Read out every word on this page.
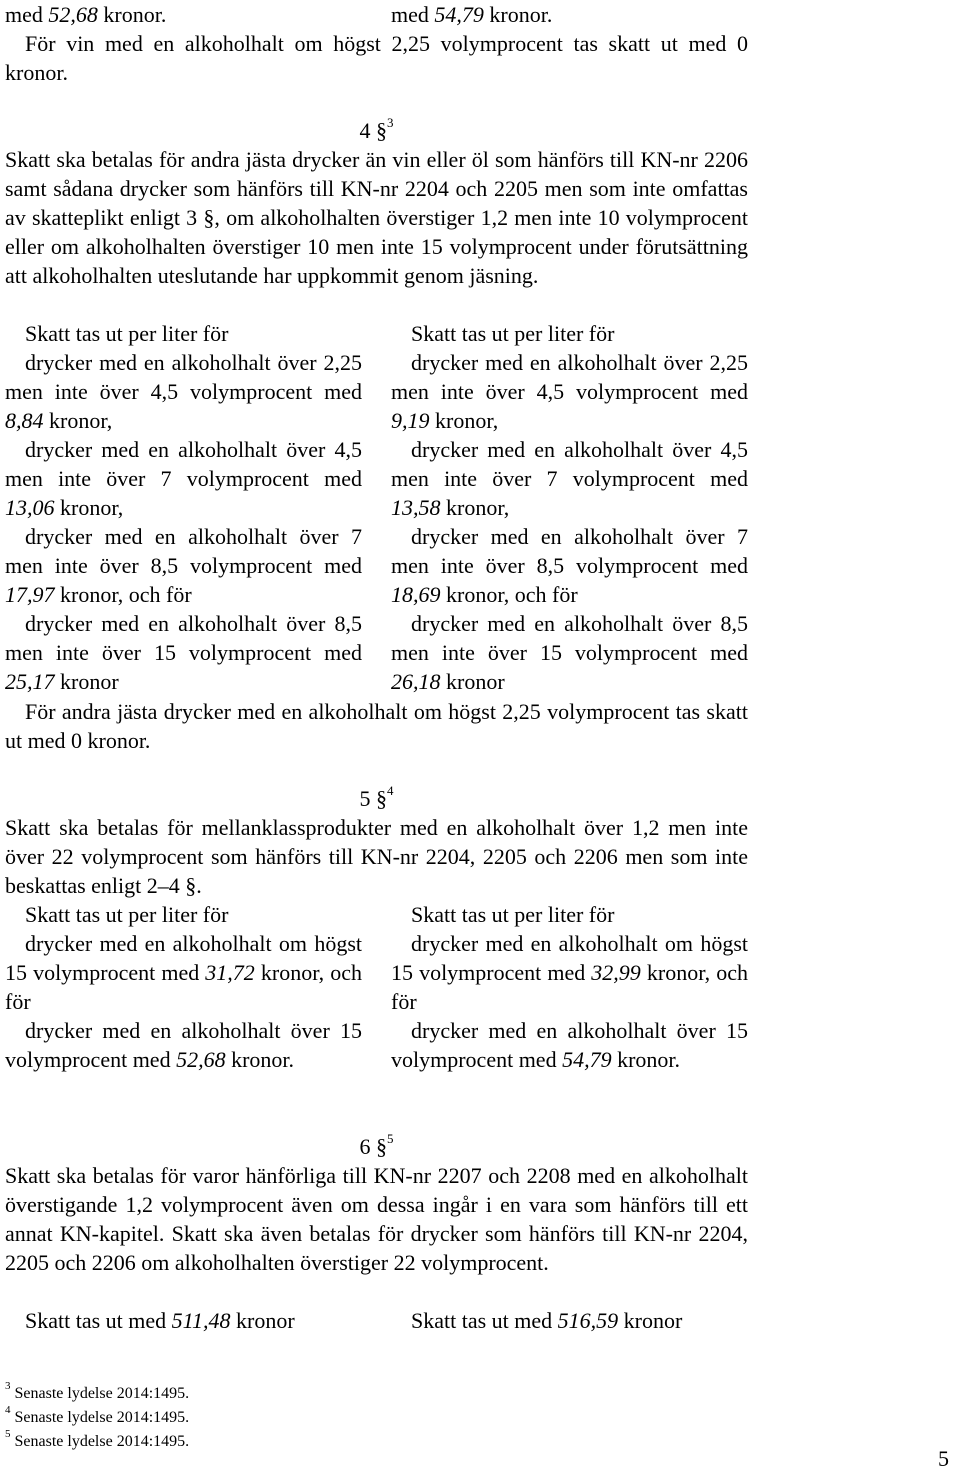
med 52,68 kronor.	med 54,79 kronor.

För vin med en alkoholhalt om högst 2,25 volymprocent tas skatt ut med 0 kronor.

4 §$^3$

Skatt ska betalas för andra jästa drycker än vin eller öl som hänförs till KN-nr 2206 samt sådana drycker som hänförs till KN-nr 2204 och 2205 men som inte omfattas av skatteplikt enligt 3 §, om alkoholhalten överstiger 1,2 men inte 10 volymprocent eller om alkoholhalten överstiger 10 men inte 15 volymprocent under förutsättning att alkoholhalten uteslutande har uppkommit genom jäsning.

Skatt tas ut per liter för

drycker med en alkoholhalt över 2,25 men inte över 4,5 volymprocent med 8,84 kronor,

drycker med en alkoholhalt över 4,5 men inte över 7 volymprocent med 13,06 kronor,

drycker med en alkoholhalt över 7 men inte över 8,5 volymprocent med 17,97 kronor, och för

drycker med en alkoholhalt över 8,5 men inte över 15 volymprocent med 25,17 kronor

Skatt tas ut per liter för

drycker med en alkoholhalt över 2,25 men inte över 4,5 volymprocent med 9,19 kronor,

drycker med en alkoholhalt över 4,5 men inte över 7 volymprocent med 13,58 kronor,

drycker med en alkoholhalt över 7 men inte över 8,5 volymprocent med 18,69 kronor, och för

drycker med en alkoholhalt över 8,5 men inte över 15 volymprocent med 26,18 kronor

För andra jästa drycker med en alkoholhalt om högst 2,25 volymprocent tas skatt ut med 0 kronor.

5 §$^4$

Skatt ska betalas för mellanklassprodukter med en alkoholhalt över 1,2 men inte över 22 volymprocent som hänförs till KN-nr 2204, 2205 och 2206 men som inte beskattas enligt 2–4 §.

Skatt tas ut per liter för

drycker med en alkoholhalt om högst 15 volymprocent med 31,72 kronor, och för

drycker med en alkoholhalt över 15 volymprocent med 52,68 kronor.

Skatt tas ut per liter för

drycker med en alkoholhalt om högst 15 volymprocent med 32,99 kronor, och för

drycker med en alkoholhalt över 15 volymprocent med 54,79 kronor.

6 §$^5$

Skatt ska betalas för varor hänförliga till KN-nr 2207 och 2208 med en alkoholhalt överstigande 1,2 volymprocent även om dessa ingår i en vara som hänförs till ett annat KN-kapitel. Skatt ska även betalas för drycker som hänförs till KN-nr 2204, 2205 och 2206 om alkoholhalten överstiger 22 volymprocent.

Skatt tas ut med 511,48 kronor	Skatt tas ut med 516,59 kronor

$^3$ Senaste lydelse 2014:1495.
$^4$ Senaste lydelse 2014:1495.
$^5$ Senaste lydelse 2014:1495.
5
